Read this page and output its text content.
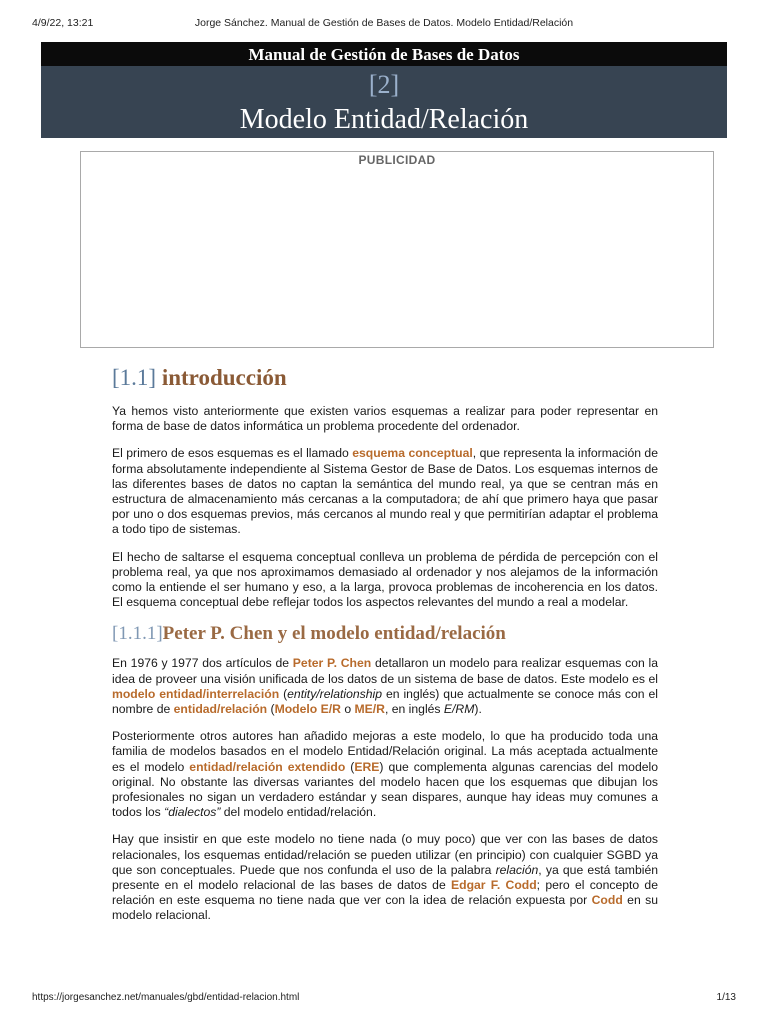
4/9/22, 13:21	Jorge Sánchez. Manual de Gestión de Bases de Datos. Modelo Entidad/Relación
Manual de Gestión de Bases de Datos
[2]
Modelo Entidad/Relación
PUBLICIDAD
[1.1] introducción

Ya hemos visto anteriormente que existen varios esquemas a realizar para poder representar en forma de base de datos informática un problema procedente del ordenador.

El primero de esos esquemas es el llamado esquema conceptual, que representa la información de forma absolutamente independiente al Sistema Gestor de Base de Datos. Los esquemas internos de las diferentes bases de datos no captan la semántica del mundo real, ya que se centran más en estructura de almacenamiento más cercanas a la computadora; de ahí que primero haya que pasar por uno o dos esquemas previos, más cercanos al mundo real y que permitirían adaptar el problema a todo tipo de sistemas.

El hecho de saltarse el esquema conceptual conlleva un problema de pérdida de percepción con el problema real, ya que nos aproximamos demasiado al ordenador y nos alejamos de la información como la entiende el ser humano y eso, a la larga, provoca problemas de incoherencia en los datos. El esquema conceptual debe reflejar todos los aspectos relevantes del mundo a real a modelar.

[1.1.1]Peter P. Chen y el modelo entidad/relación

En 1976 y 1977 dos artículos de Peter P. Chen detallaron un modelo para realizar esquemas con la idea de proveer una visión unificada de los datos de un sistema de base de datos. Este modelo es el modelo entidad/interrelación (entity/relationship en inglés) que actualmente se conoce más con el nombre de entidad/relación (Modelo E/R o ME/R, en inglés E/RM).

Posteriormente otros autores han añadido mejoras a este modelo, lo que ha producido toda una familia de modelos basados en el modelo Entidad/Relación original. La más aceptada actualmente es el modelo entidad/relación extendido (ERE) que complementa algunas carencias del modelo original. No obstante las diversas variantes del modelo hacen que los esquemas que dibujan los profesionales no sigan un verdadero estándar y sean dispares, aunque hay ideas muy comunes a todos los “dialectos” del modelo entidad/relación.

Hay que insistir en que este modelo no tiene nada (o muy poco) que ver con las bases de datos relacionales, los esquemas entidad/relación se pueden utilizar (en principio) con cualquier SGBD ya que son conceptuales. Puede que nos confunda el uso de la palabra relación, ya que está también presente en el modelo relacional de las bases de datos de Edgar F. Codd; pero el concepto de relación en este esquema no tiene nada que ver con la idea de relación expuesta por Codd en su modelo relacional.

https://jorgesanchez.net/manuales/gbd/entidad-relacion.html	1/13
